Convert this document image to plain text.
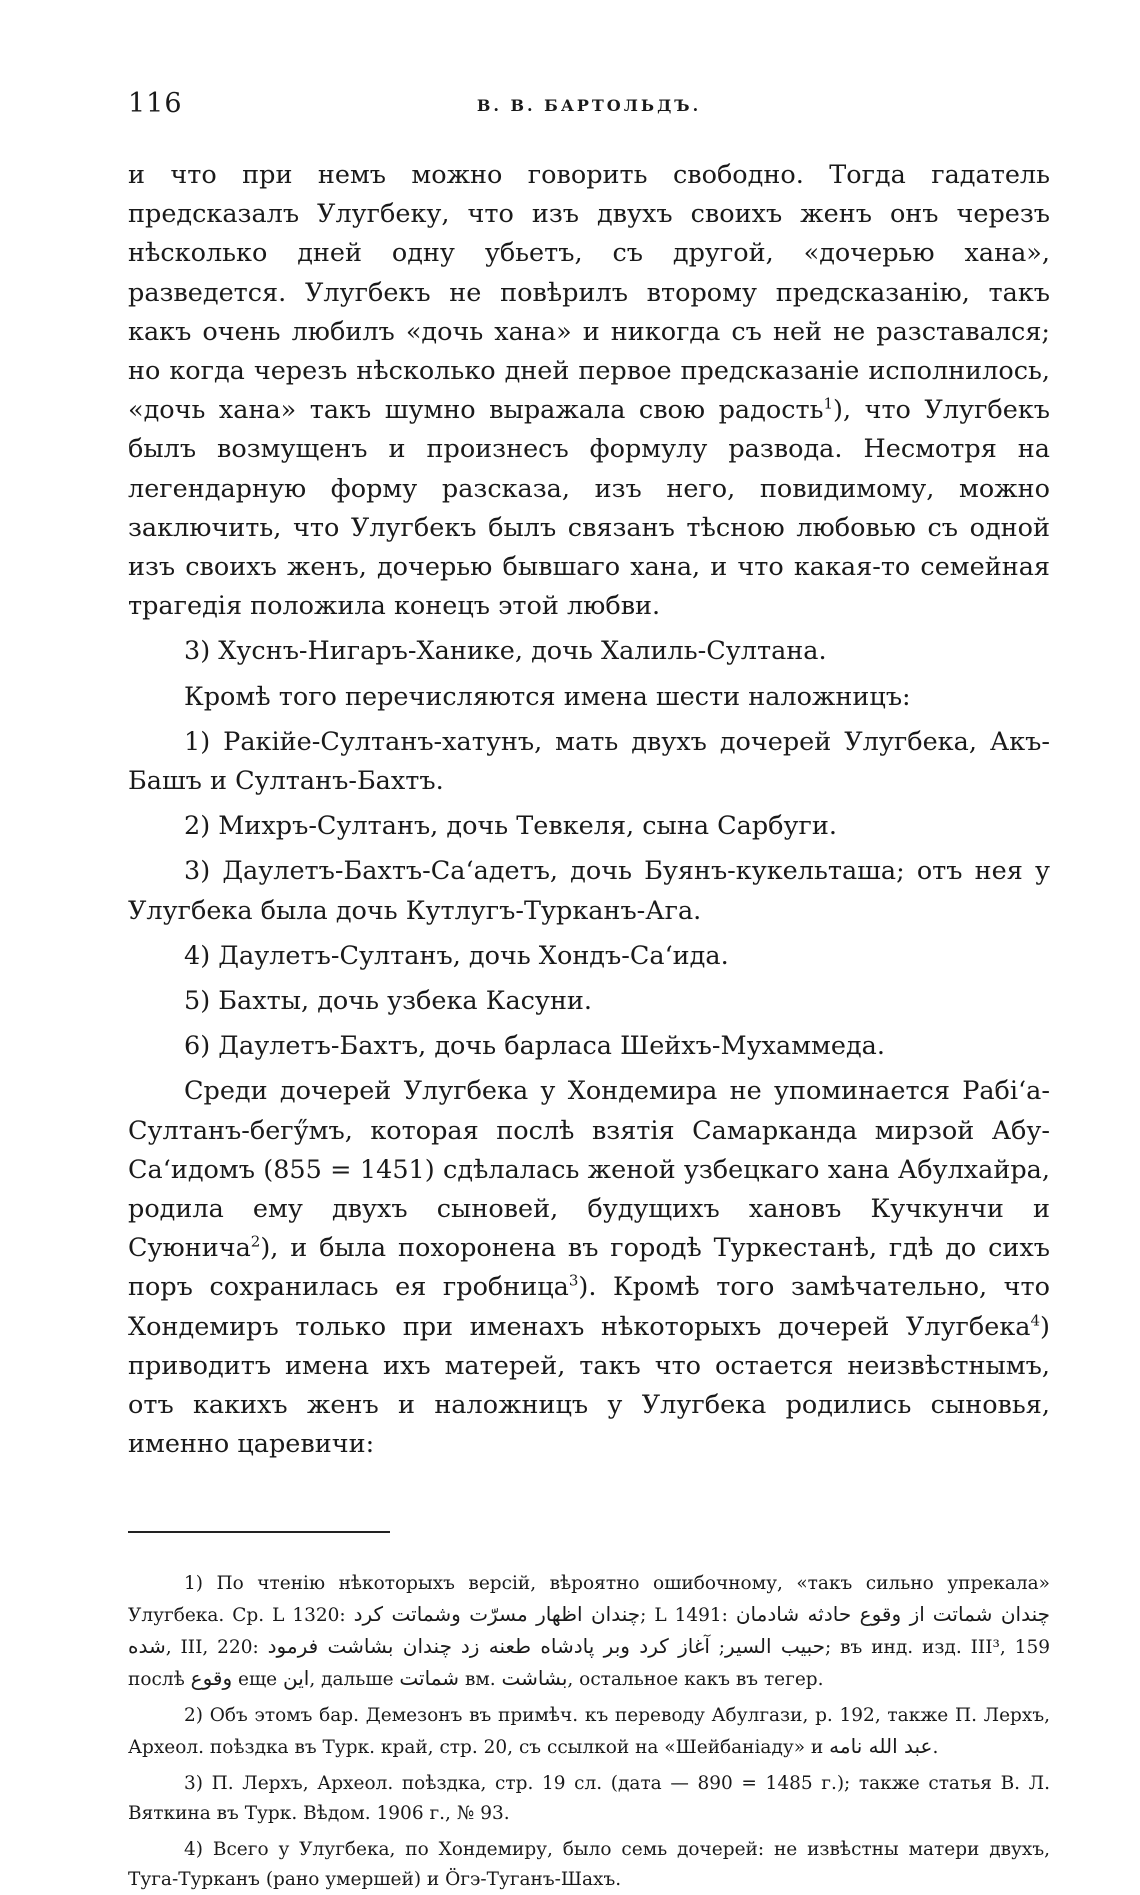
116	В. В. БАРТОЛЬДЪ.

и что при немъ можно говорить свободно. Тогда гадатель предсказалъ Улугбеку, что изъ двухъ своихъ женъ онъ черезъ нѣсколько дней одну убьетъ, съ другой, «дочерью хана», разведется. Улугбекъ не повѣрилъ второму предсказанію, такъ какъ очень любилъ «дочь хана» и никогда съ ней не разставался; но когда черезъ нѣсколько дней первое предсказаніе исполнилось, «дочь хана» такъ шумно выражала свою радость$^1$), что Улугбекъ былъ возмущенъ и произнесъ формулу развода. Несмотря на легендарную форму разсказа, изъ него, повидимому, можно заключить, что Улугбекъ былъ связанъ тѣсною любовью съ одной изъ своихъ женъ, дочерью бывшаго хана, и что какая-то семейная трагедія положила конецъ этой любви.

3) Хуснъ-Нигаръ-Ханике, дочь Халиль-Султана.

Кромѣ того перечисляются имена шести наложницъ:

1) Ракійе-Султанъ-хатунъ, мать двухъ дочерей Улугбека, Акъ-Башъ и Султанъ-Бахтъ.

2) Михръ-Султанъ, дочь Тевкеля, сына Сарбуги.

3) Даулетъ-Бахтъ-Са‘адетъ, дочь Буянъ-кукельташа; отъ нея у Улугбека была дочь Кутлугъ-Турканъ-Ага.

4) Даулетъ-Султанъ, дочь Хондъ-Са‘ида.

5) Бахты, дочь узбека Касуни.

6) Даулетъ-Бахтъ, дочь барласа Шейхъ-Мухаммеда.

Среди дочерей Улугбека у Хондемира не упоминается Рабі‘а-Султанъ-бегӳмъ, которая послѣ взятія Самарканда мирзой Абу-Са‘идомъ (855 = 1451) сдѣлалась женой узбецкаго хана Абулхайра, родила ему двухъ сыновей, будущихъ хановъ Кучкунчи и Суюнича$^2$), и была похоронена въ городѣ Туркестанѣ, гдѣ до сихъ поръ сохранилась ея гробница$^3$). Кромѣ того замѣчательно, что Хондемиръ только при именахъ нѣкоторыхъ дочерей Улугбека$^4$) приводитъ имена ихъ матерей, такъ что остается неизвѣстнымъ, отъ какихъ женъ и наложницъ у Улугбека родились сыновья, именно царевичи:

1) По чтенію нѣкоторыхъ версій, вѣроятно ошибочному, «такъ сильно упрекала» Улугбека. Ср. L 1320: چندان اظهار مسرّت وشماتت کرد; L 1491:	چندان شماتت از وقوع حادثه شادمان شده, III, 220:	حبيب السير; آغاز کرد وبر پادشاه طعنه زد چندان بشاشت فرمود	; въ инд. изд. III³, 159 послѣ وقوع еще اين, дальше شماتت вм. بشاشت, остальное какъ въ тегер.

2) Объ этомъ бар. Демезонъ въ примѣч. къ переводу Абулгази, p. 192, также П. Лерхъ, Археол. поѣздка въ Турк. край, стр. 20, съ ссылкой на «Шейбаніаду» и عبد الله نامه.

3) П. Лерхъ, Археол. поѣздка, стр. 19 сл. (дата — 890 = 1485 г.); также статья В. Л. Вяткина въ Турк. Вѣдом. 1906 г., № 93.

4) Всего у Улугбека, по Хондемиру, было семь дочерей: не извѣстны матери двухъ, Туга-Турканъ (рано умершей) и Ӧгэ-Туганъ-Шахъ.
